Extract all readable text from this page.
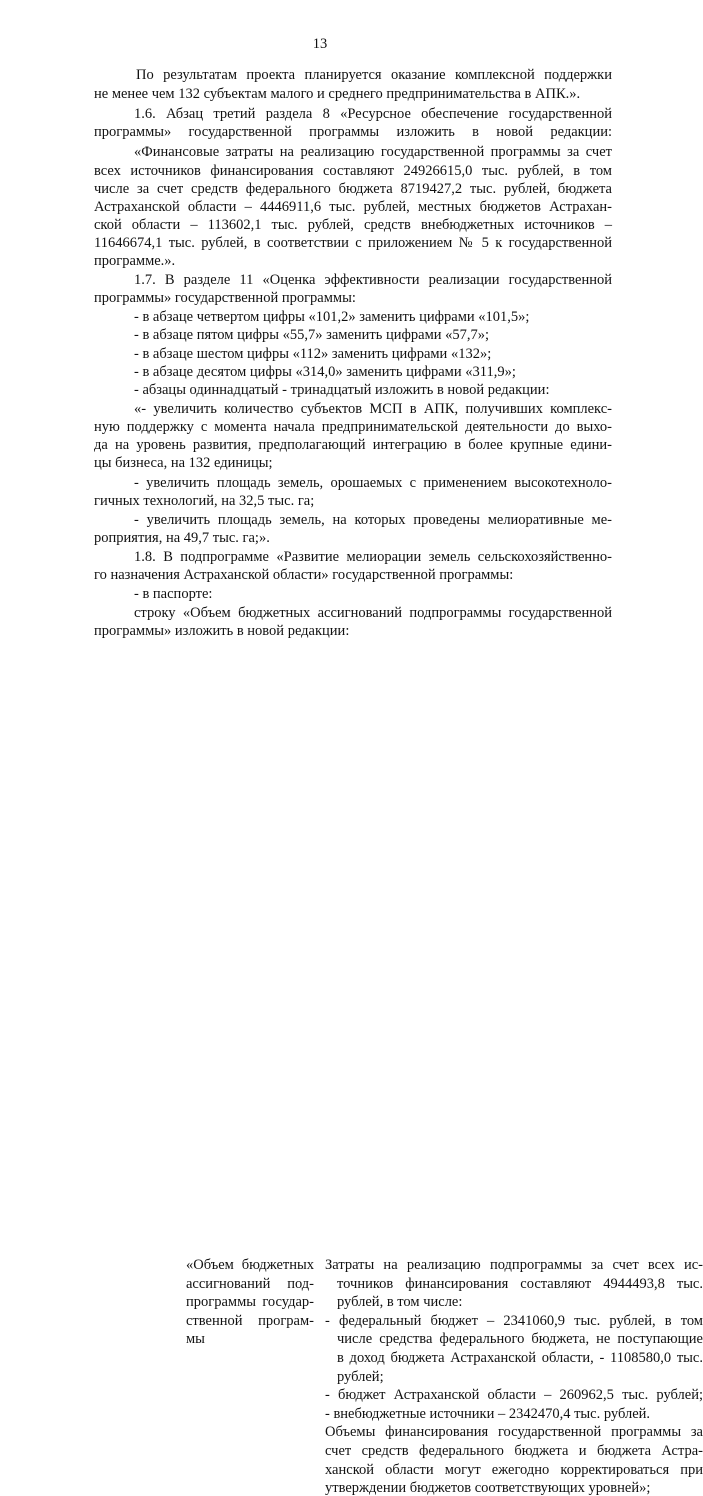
13
По результатам проекта планируется оказание комплексной поддержки
не менее чем 132 субъектам малого и среднего предпринимательства в АПК.».
1.6. Абзац третий раздела 8 «Ресурсное обеспечение государственной
программы» государственной программы изложить в новой редакции:
«Финансовые затраты на реализацию государственной программы за счет
всех источников финансирования составляют 24926615,0 тыс. рублей, в том
числе за счет средств федерального бюджета 8719427,2 тыс. рублей, бюджета
Астраханской области – 4446911,6 тыс. рублей, местных бюджетов Астрахан-
ской области – 113602,1 тыс. рублей, средств внебюджетных источников –
11646674,1 тыс. рублей, в соответствии с приложением № 5 к государственной
программе.».
1.7. В разделе 11 «Оценка эффективности реализации государственной
программы» государственной программы:
- в абзаце четвертом цифры «101,2» заменить цифрами «101,5»;
- в абзаце пятом цифры «55,7» заменить цифрами «57,7»;
- в абзаце шестом цифры «112» заменить цифрами «132»;
- в абзаце десятом цифры «314,0» заменить цифрами «311,9»;
- абзацы одиннадцатый - тринадцатый изложить в новой редакции:
«- увеличить количество субъектов МСП в АПК, получивших комплекс-
ную поддержку с момента начала предпринимательской деятельности до выхо-
да на уровень развития, предполагающий интеграцию в более крупные едини-
цы бизнеса, на 132 единицы;
- увеличить площадь земель, орошаемых с применением высокотехноло-
гичных технологий, на 32,5 тыс. га;
- увеличить площадь земель, на которых проведены мелиоративные ме-
роприятия, на 49,7 тыс. га;».
1.8. В подпрограмме «Развитие мелиорации земель сельскохозяйственно-
го назначения Астраханской области» государственной программы:
- в паспорте:
строку «Объем бюджетных ассигнований подпрограммы государственной
программы» изложить в новой редакции:
«Объем бюджетных
ассигнований под-
программы государ-
ственной програм-
мы
Затраты на реализацию подпрограммы за счет всех ис-
точников финансирования составляют 4944493,8 тыс.
рублей, в том числе:
- федеральный бюджет – 2341060,9 тыс. рублей, в том
числе средства федерального бюджета, не поступающие
в доход бюджета Астраханской области, - 1108580,0 тыс.
рублей;
- бюджет Астраханской области – 260962,5 тыс. рублей;
- внебюджетные источники – 2342470,4 тыс. рублей.
Объемы финансирования государственной программы за
счет средств федерального бюджета и бюджета Астра-
ханской области могут ежегодно корректироваться при
утверждении бюджетов соответствующих уровней»;
